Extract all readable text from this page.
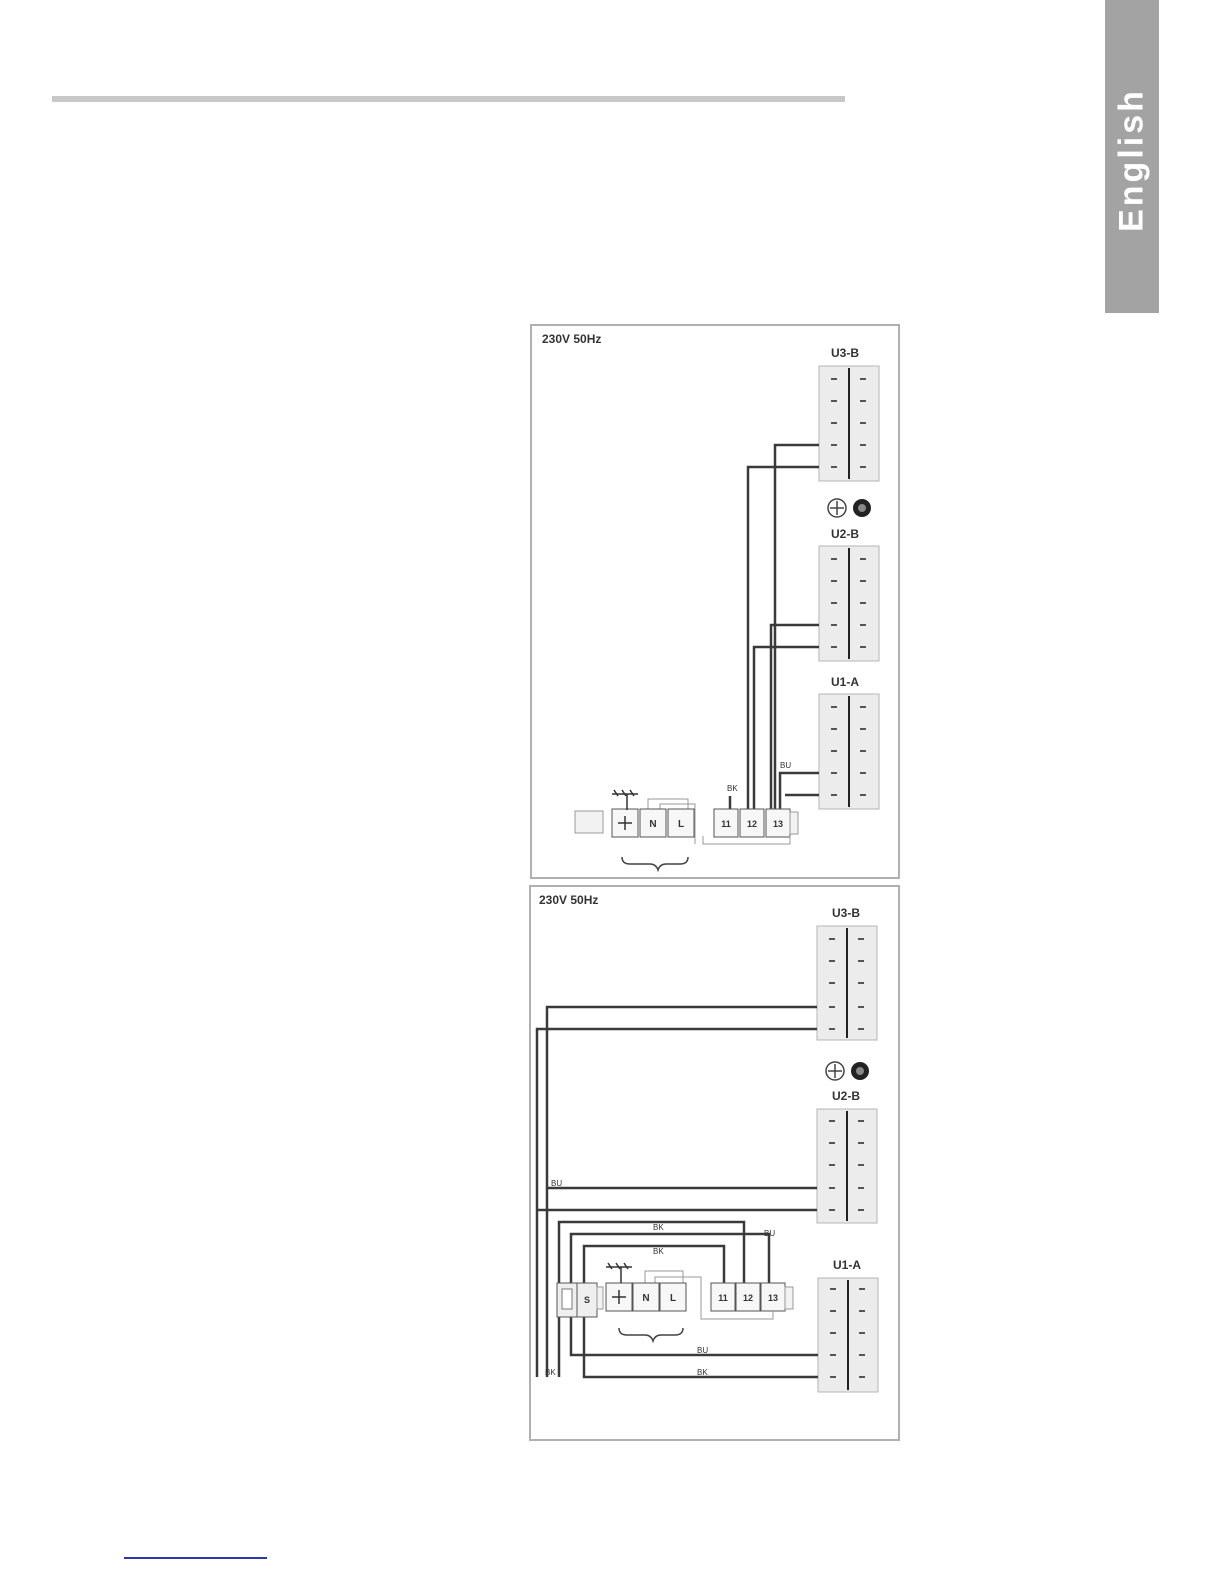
English
230V 50Hz
U3-B
U2-B
U1-A
BK
BU
N L	11 12 13
230V 50Hz
U3-B
U2-B
U1-A
BU
BK
BU
BK
BU
BK
BK
S	N L	11 12 13
